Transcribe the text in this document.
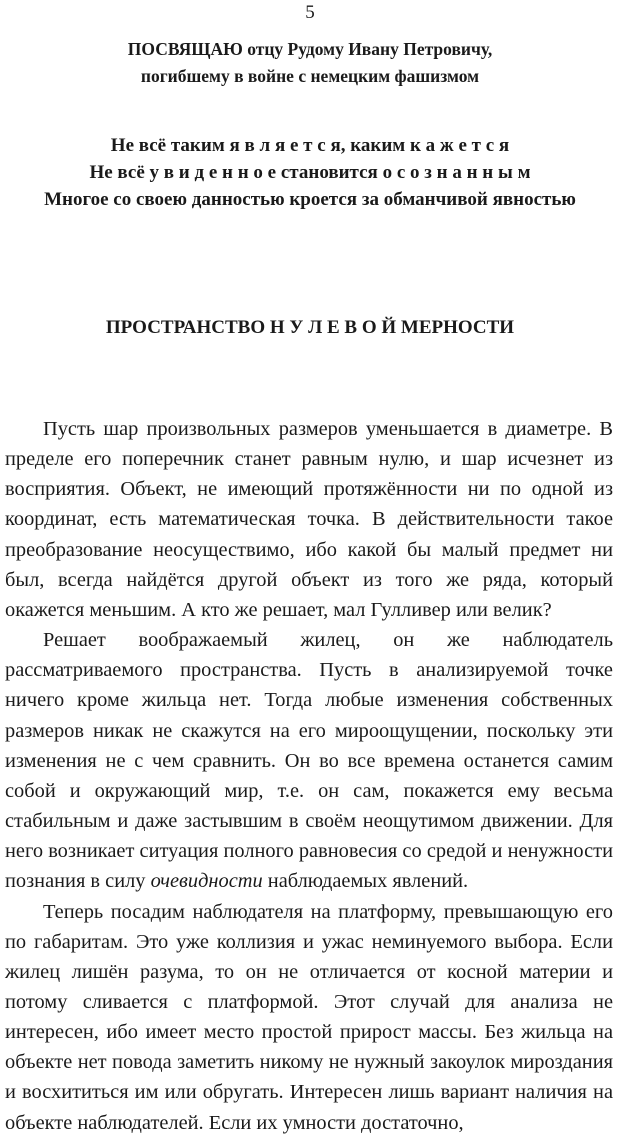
5
ПОСВЯЩАЮ отцу Рудому Ивану Петровичу,
погибшему в войне с немецким фашизмом
Не всё таким я в л я е т с я, каким к а ж е т с я
Не всё у в и д е н н о е становится о с о з н а н н ы м
Многое со своею данностью кроется за обманчивой явностью
ПРОСТРАНСТВО Н У Л Е В О Й МЕРНОСТИ

Пусть шар произвольных размеров уменьшается в диаметре. В пределе его поперечник станет равным нулю, и шар исчезнет из восприятия. Объект, не имеющий протяжённости ни по одной из координат, есть математическая точка. В действительности такое преобразование неосуществимо, ибо какой бы малый предмет ни был, всегда найдётся другой объект из того же ряда, который окажется меньшим. А кто же решает, мал Гулливер или велик?

Решает воображаемый жилец, он же наблюдатель рассматриваемого пространства. Пусть в анализируемой точке ничего кроме жильца нет. Тогда любые изменения собственных размеров никак не скажутся на его мироощущении, поскольку эти изменения не с чем сравнить. Он во все времена останется самим собой и окружающий мир, т.е. он сам, покажется ему весьма стабильным и даже застывшим в своём неощутимом движении. Для него возникает ситуация полного равновесия со средой и ненужности познания в силу очевидности наблюдаемых явлений.

Теперь посадим наблюдателя на платформу, превышающую его по габаритам. Это уже коллизия и ужас неминуемого выбора. Если жилец лишён разума, то он не отличается от косной материи и потому сливается с платформой. Этот случай для анализа не интересен, ибо имеет место простой прирост массы. Без жильца на объекте нет повода заметить никому не нужный закоулок мироздания и восхититься им или обругать. Интересен лишь вариант наличия на объекте наблюдателей. Если их умности достаточно,
